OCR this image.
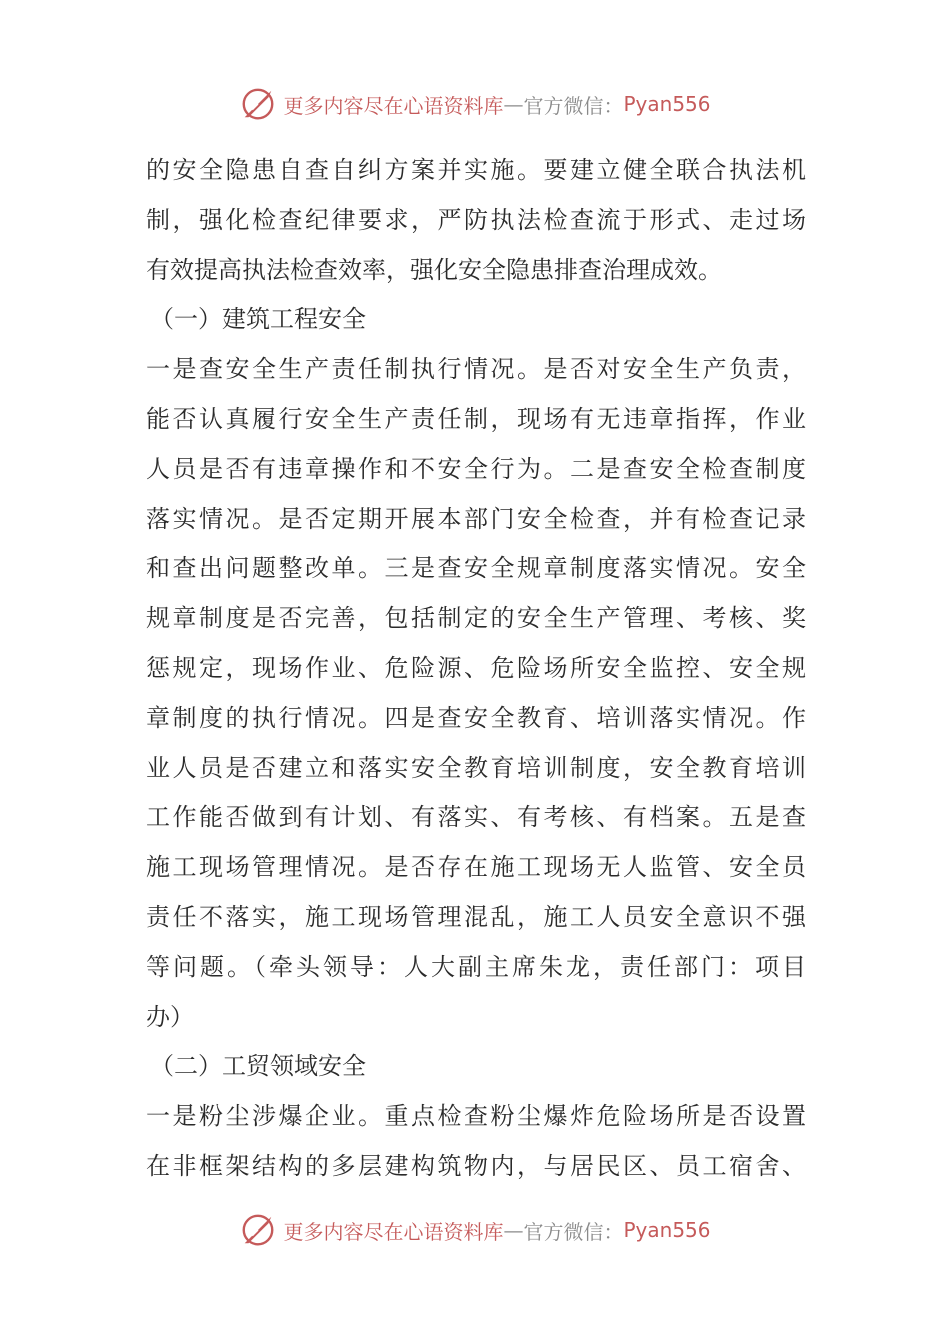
更多内容尽在心语资料库 — 官方微信： Pyan556
的安全隐患自查自纠方案并实施。要建立健全联合执法机
制，强化检查纪律要求，严防执法检查流于形式、走过场
有效提高执法检查效率，强化安全隐患排查治理成效。
（一）建筑工程安全
一是查安全生产责任制执行情况。是否对安全生产负责，
能否认真履行安全生产责任制，现场有无违章指挥，作业
人员是否有违章操作和不安全行为。二是查安全检查制度
落实情况。是否定期开展本部门安全检查，并有检查记录
和查出问题整改单。三是查安全规章制度落实情况。安全
规章制度是否完善，包括制定的安全生产管理、考核、奖
惩规定，现场作业、危险源、危险场所安全监控、安全规
章制度的执行情况。四是查安全教育、培训落实情况。作
业人员是否建立和落实安全教育培训制度，安全教育培训
工作能否做到有计划、有落实、有考核、有档案。五是查
施工现场管理情况。是否存在施工现场无人监管、安全员
责任不落实，施工现场管理混乱，施工人员安全意识不强
等问题。（牵头领导：人大副主席朱龙，责任部门：项目
办）
（二）工贸领域安全
一是粉尘涉爆企业。重点检查粉尘爆炸危险场所是否设置
在非框架结构的多层建构筑物内，与居民区、员工宿舍、
更多内容尽在心语资料库 — 官方微信： Pyan556
